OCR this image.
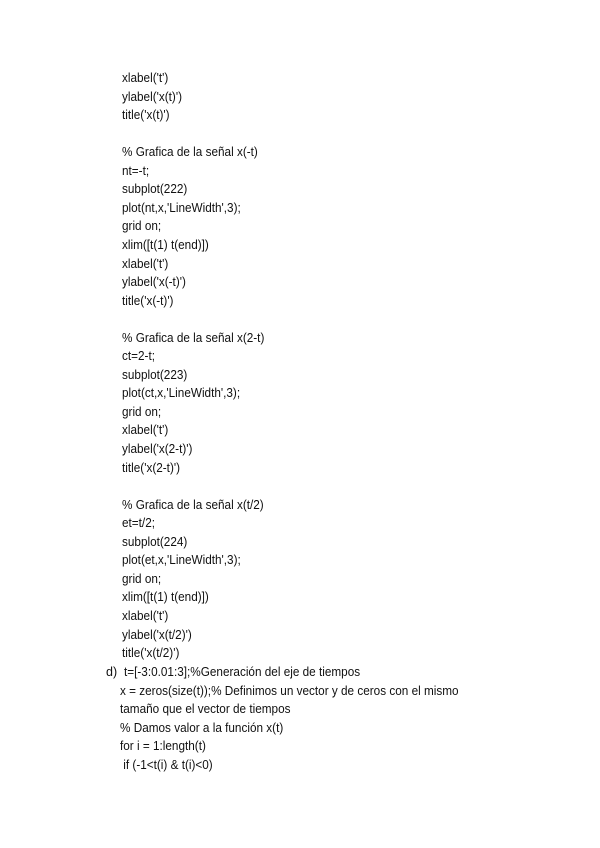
xlabel('t')
ylabel('x(t)')
title('x(t)')
% Grafica de la señal x(-t)
nt=-t;
subplot(222)
plot(nt,x,'LineWidth',3);
grid on;
xlim([t(1) t(end)])
xlabel('t')
ylabel('x(-t)')
title('x(-t)')
% Grafica de la señal x(2-t)
ct=2-t;
subplot(223)
plot(ct,x,'LineWidth',3);
grid on;
xlabel('t')
ylabel('x(2-t)')
title('x(2-t)')
% Grafica de la señal x(t/2)
et=t/2;
subplot(224)
plot(et,x,'LineWidth',3);
grid on;
xlim([t(1) t(end)])
xlabel('t')
ylabel('x(t/2)')
title('x(t/2)')
d) t=[-3:0.01:3];%Generación del eje de tiempos
x = zeros(size(t));% Definimos un vector y de ceros con el mismo
tamaño que el vector de tiempos
% Damos valor a la función x(t)
for i = 1:length(t)
if (-1<t(i) & t(i)<0)
